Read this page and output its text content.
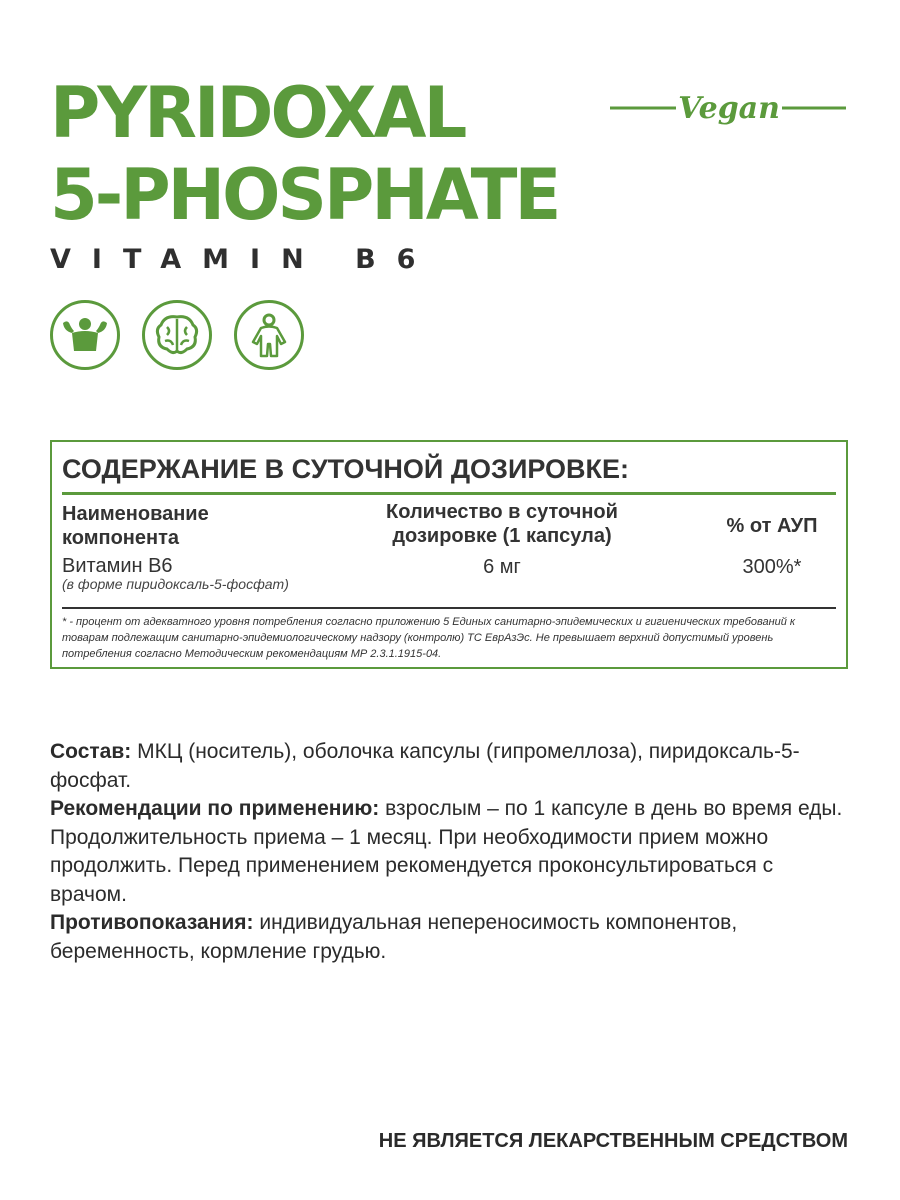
PYRIDOXAL
5-PHOSPHATE
VITAMIN B6
Vegan
СОДЕРЖАНИЕ В СУТОЧНОЙ ДОЗИРОВКЕ:
Наименование
компонента
Количество в суточной
дозировке (1 капсула)	% от АУП
Витамин В6
(в форме пиридоксаль-5-фосфат)
6 мг	300%*
* - процент от адекватного уровня потребления согласно приложению 5 Единых санитарно-эпидемических и гигиенических требований к товарам подлежащим санитарно-эпидемиологическому надзору (контролю) ТС ЕврАзЭс. Не превышает верхний допустимый уровень потребления согласно Методическим рекомендациям МР 2.3.1.1915-04.

Состав: МКЦ (носитель), оболочка капсулы (гипромеллоза), пиридоксаль-5-фосфат.

Рекомендации по применению: взрослым – по 1 капсуле в день во время еды. Продолжительность приема – 1 месяц. При необходимости прием можно продолжить. Перед применением рекомендуется проконсультироваться с врачом.

Противопоказания: индивидуальная непереносимость компонентов, беременность, кормление грудью.

НЕ ЯВЛЯЕТСЯ ЛЕКАРСТВЕННЫМ СРЕДСТВОМ
